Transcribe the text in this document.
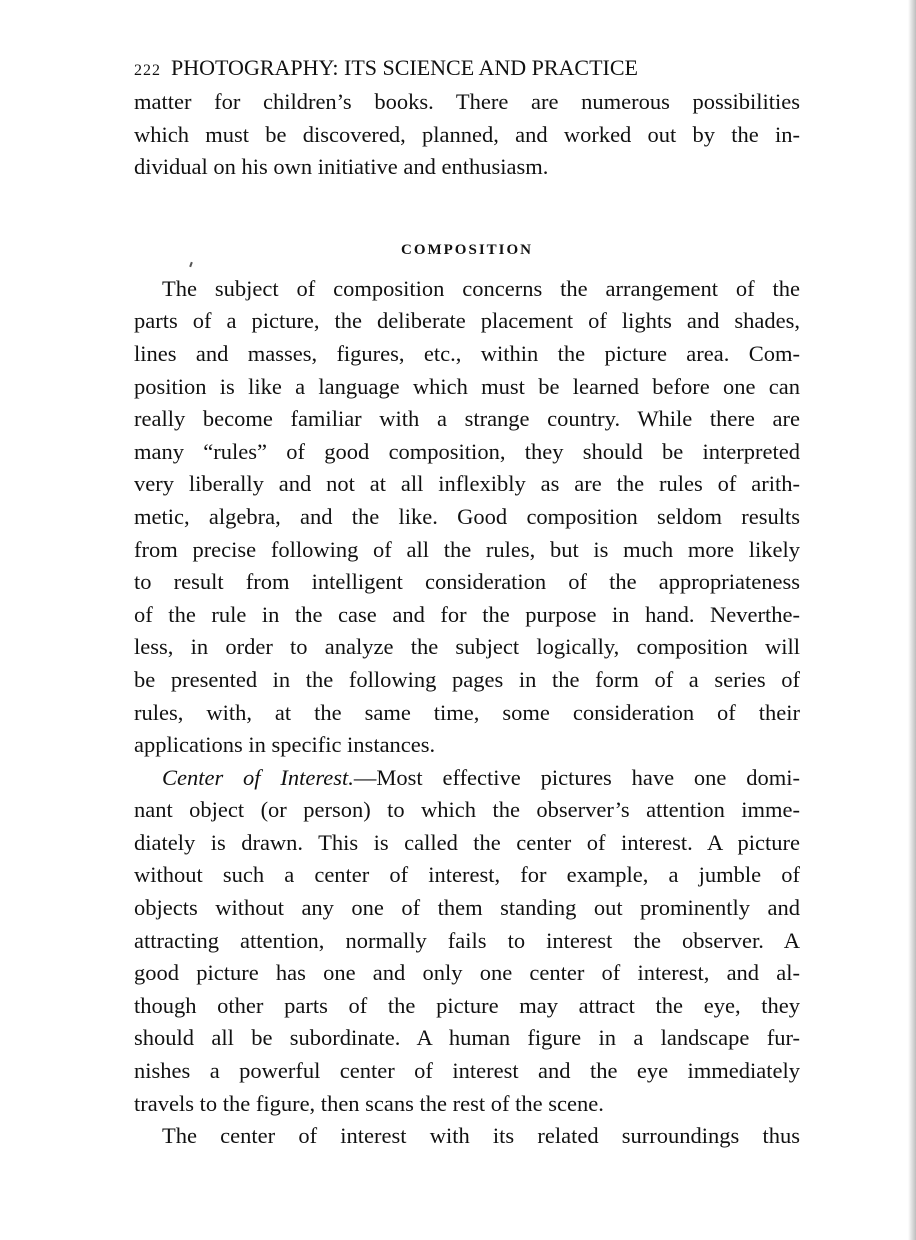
222 PHOTOGRAPHY: ITS SCIENCE AND PRACTICE
matter for children’s books. There are numerous possibilities
which must be discovered, planned, and worked out by the in-
dividual on his own initiative and enthusiasm.
COMPOSITION
The subject of composition concerns the arrangement of the
parts of a picture, the deliberate placement of lights and shades,
lines and masses, figures, etc., within the picture area. Com-
position is like a language which must be learned before one can
really become familiar with a strange country. While there are
many “rules” of good composition, they should be interpreted
very liberally and not at all inflexibly as are the rules of arith-
metic, algebra, and the like. Good composition seldom results
from precise following of all the rules, but is much more likely
to result from intelligent consideration of the appropriateness
of the rule in the case and for the purpose in hand. Neverthe-
less, in order to analyze the subject logically, composition will
be presented in the following pages in the form of a series of
rules, with, at the same time, some consideration of their
applications in specific instances.
Center of Interest.—Most effective pictures have one domi-
nant object (or person) to which the observer’s attention imme-
diately is drawn. This is called the center of interest. A picture
without such a center of interest, for example, a jumble of
objects without any one of them standing out prominently and
attracting attention, normally fails to interest the observer. A
good picture has one and only one center of interest, and al-
though other parts of the picture may attract the eye, they
should all be subordinate. A human figure in a landscape fur-
nishes a powerful center of interest and the eye immediately
travels to the figure, then scans the rest of the scene.
The center of interest with its related surroundings thus
